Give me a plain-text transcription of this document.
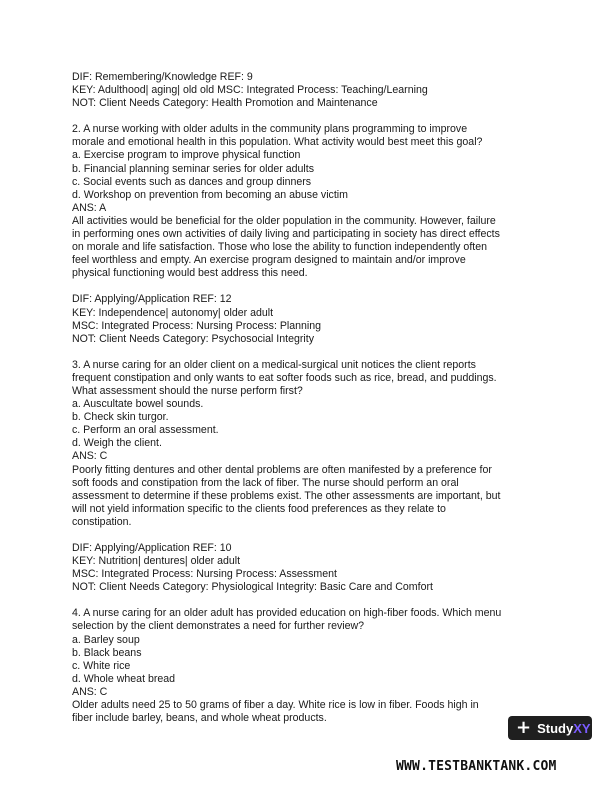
DIF: Remembering/Knowledge REF: 9

KEY: Adulthood| aging| old old MSC: Integrated Process: Teaching/Learning

NOT: Client Needs Category: Health Promotion and Maintenance

2. A nurse working with older adults in the community plans programming to improve

morale and emotional health in this population. What activity would best meet this goal?

a. Exercise program to improve physical function

b. Financial planning seminar series for older adults

c. Social events such as dances and group dinners

d. Workshop on prevention from becoming an abuse victim

ANS: A

All activities would be beneficial for the older population in the community. However, failure

in performing ones own activities of daily living and participating in society has direct effects

on morale and life satisfaction. Those who lose the ability to function independently often

feel worthless and empty. An exercise program designed to maintain and/or improve

physical functioning would best address this need.

DIF: Applying/Application REF: 12

KEY: Independence| autonomy| older adult

MSC: Integrated Process: Nursing Process: Planning

NOT: Client Needs Category: Psychosocial Integrity

3. A nurse caring for an older client on a medical-surgical unit notices the client reports

frequent constipation and only wants to eat softer foods such as rice, bread, and puddings.

What assessment should the nurse perform first?

a. Auscultate bowel sounds.

b. Check skin turgor.

c. Perform an oral assessment.

d. Weigh the client.

ANS: C

Poorly fitting dentures and other dental problems are often manifested by a preference for

soft foods and constipation from the lack of fiber. The nurse should perform an oral

assessment to determine if these problems exist. The other assessments are important, but

will not yield information specific to the clients food preferences as they relate to

constipation.

DIF: Applying/Application REF: 10

KEY: Nutrition| dentures| older adult

MSC: Integrated Process: Nursing Process: Assessment

NOT: Client Needs Category: Physiological Integrity: Basic Care and Comfort

4. A nurse caring for an older adult has provided education on high-fiber foods. Which menu

selection by the client demonstrates a need for further review?

a. Barley soup

b. Black beans

c. White rice

d. Whole wheat bread

ANS: C

Older adults need 25 to 50 grams of fiber a day. White rice is low in fiber. Foods high in

fiber include barley, beans, and whole wheat products.	+ StudyXY
WWW.TESTBANKTANK.COM
